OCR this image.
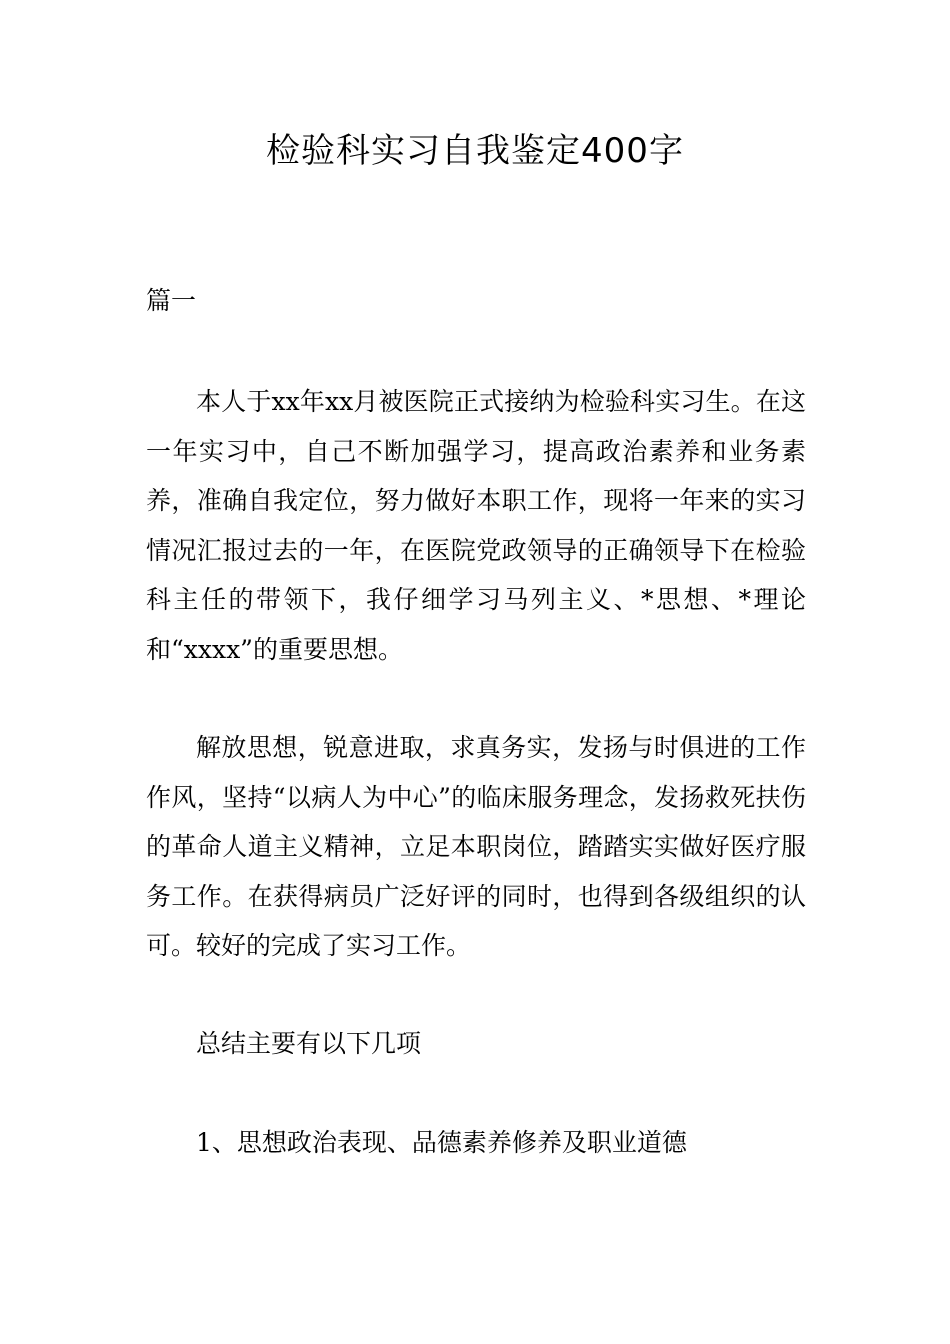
检验科实习自我鉴定400字
篇一

本人于xx年xx月被医院正式接纳为检验科实习生。在这一年实习中，自己不断加强学习，提高政治素养和业务素养，准确自我定位，努力做好本职工作，现将一年来的实习情况汇报过去的一年，在医院党政领导的正确领导下在检验科主任的带领下，我仔细学习马列主义、*思想、*理论和“xxxx”的重要思想。

解放思想，锐意进取，求真务实，发扬与时俱进的工作作风，坚持“以病人为中心”的临床服务理念，发扬救死扶伤的革命人道主义精神，立足本职岗位，踏踏实实做好医疗服务工作。在获得病员广泛好评的同时，也得到各级组织的认可。较好的完成了实习工作。

总结主要有以下几项
1、思想政治表现、品德素养修养及职业道德
